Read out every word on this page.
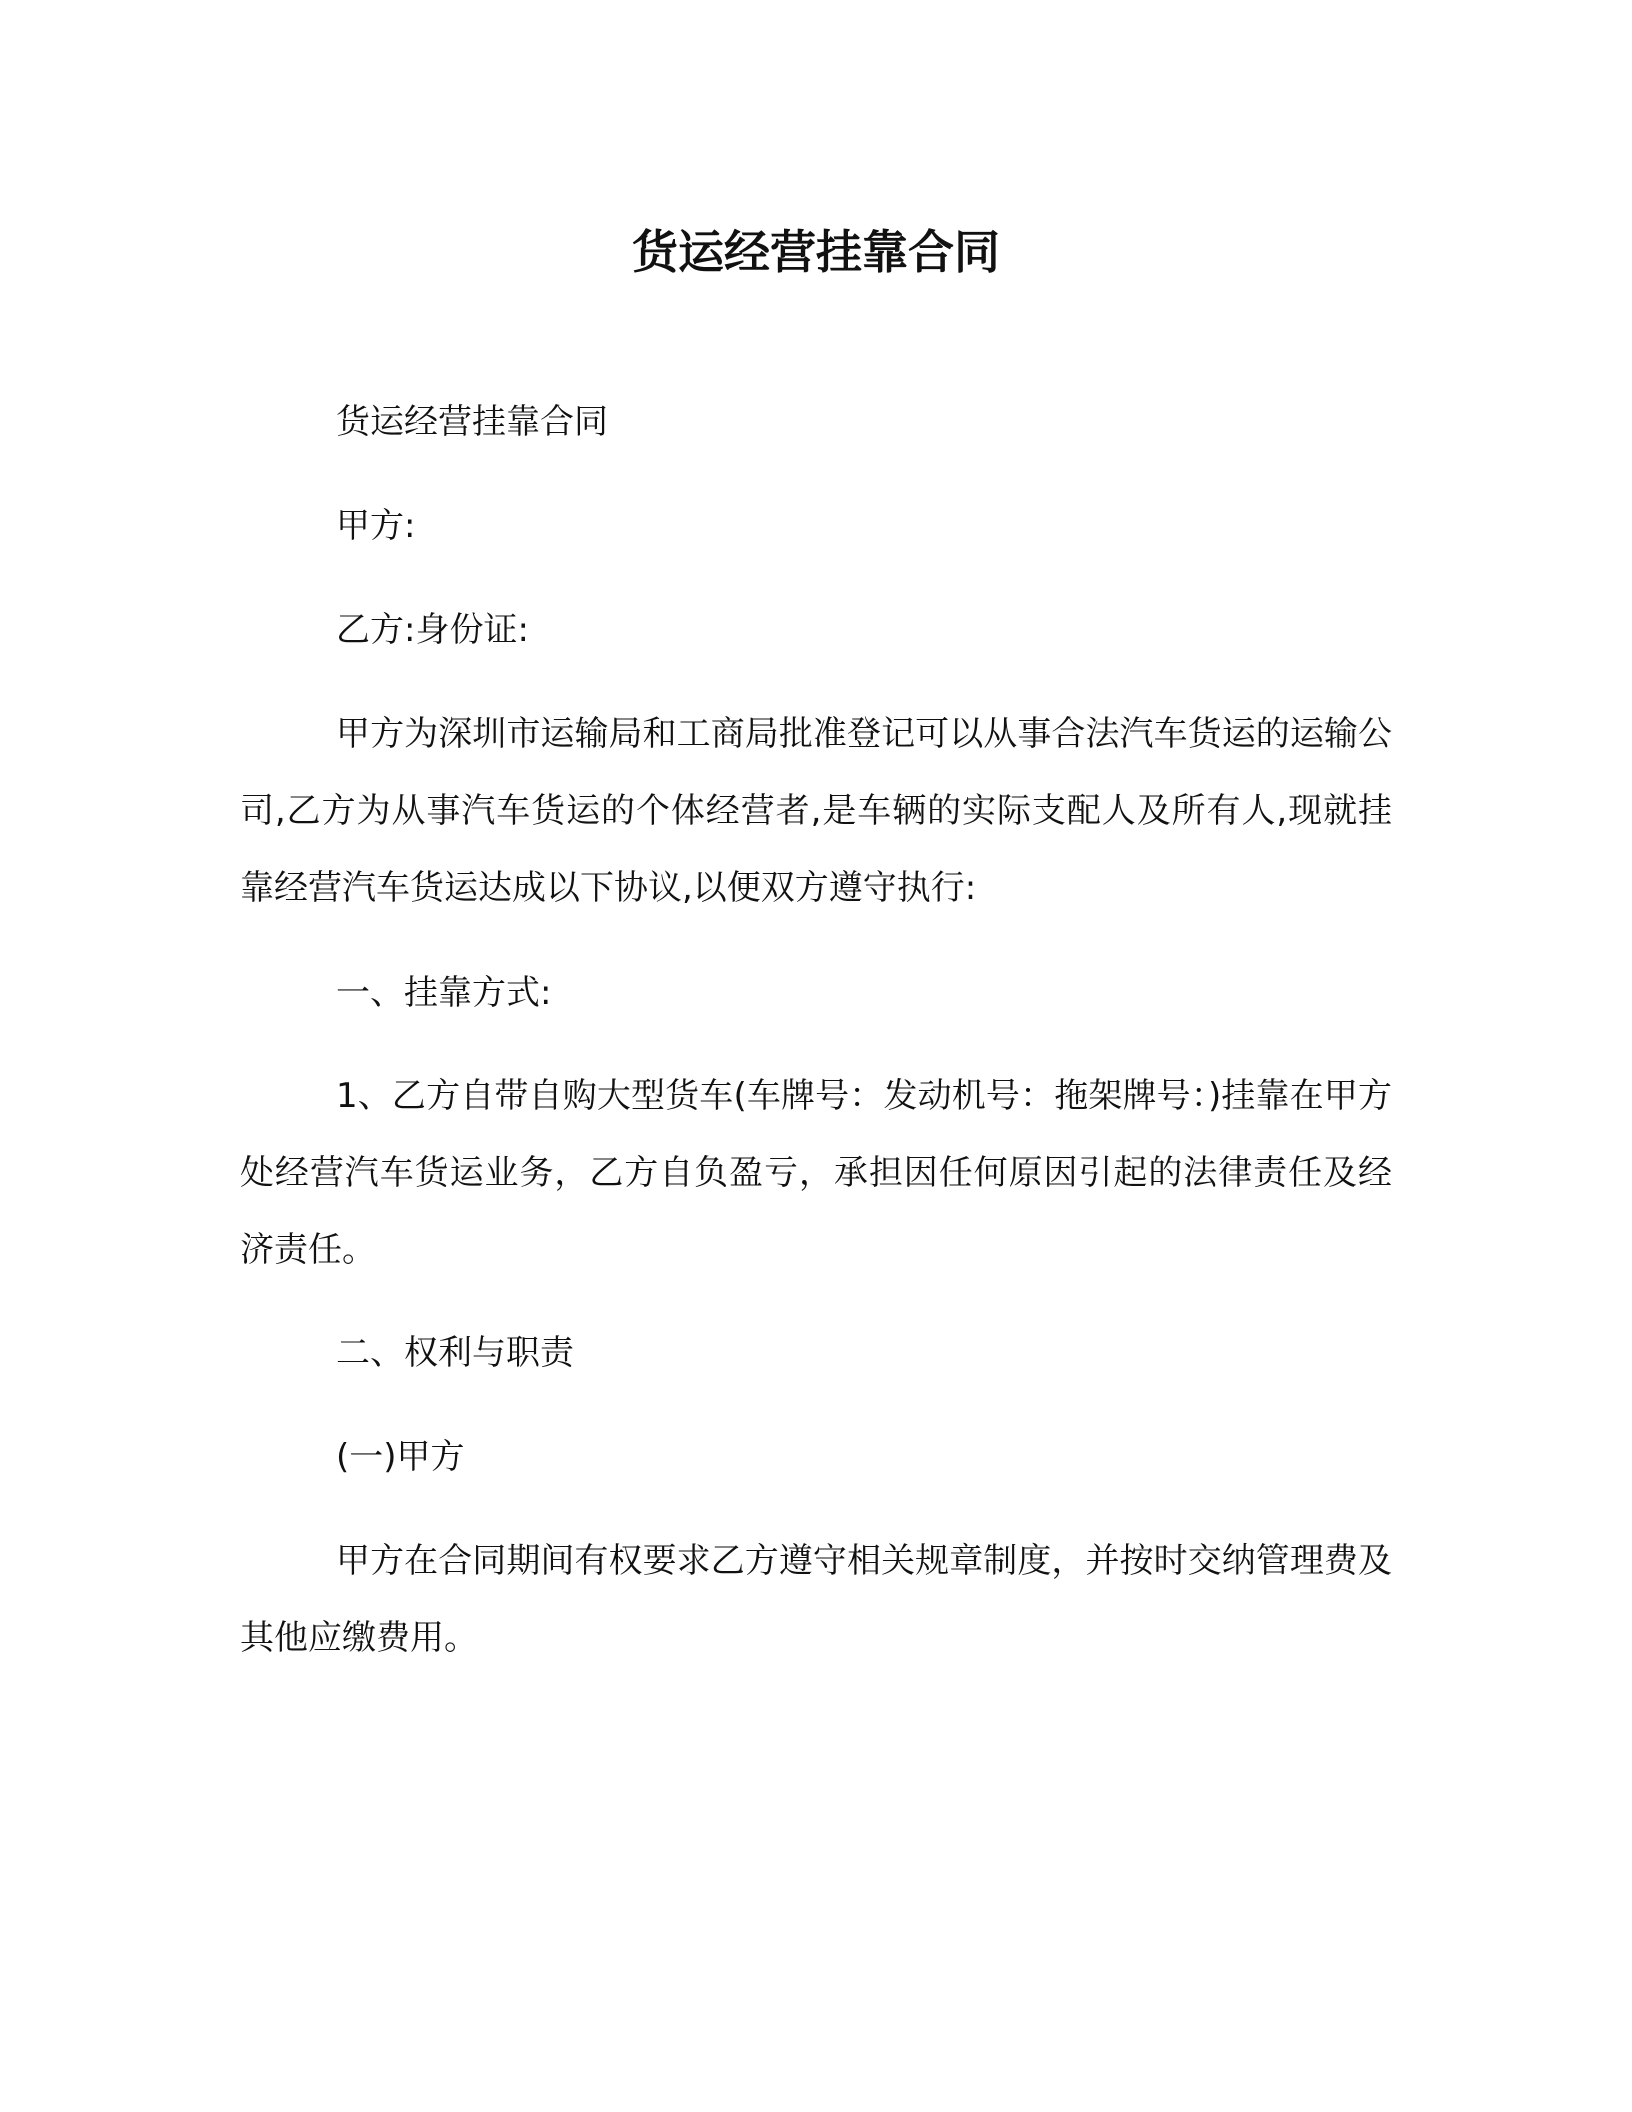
货运经营挂靠合同

货运经营挂靠合同

甲方:

乙方:身份证:

甲方为深圳市运输局和工商局批准登记可以从事合法汽车货运的运输公司,乙方为从事汽车货运的个体经营者,是车辆的实际支配人及所有人,现就挂靠经营汽车货运达成以下协议,以便双方遵守执行:

一、挂靠方式:

1、乙方自带自购大型货车(车牌号：发动机号：拖架牌号：)挂靠在甲方处经营汽车货运业务，乙方自负盈亏，承担因任何原因引起的法律责任及经济责任。

二、权利与职责

(一)甲方

甲方在合同期间有权要求乙方遵守相关规章制度，并按时交纳管理费及其他应缴费用。
